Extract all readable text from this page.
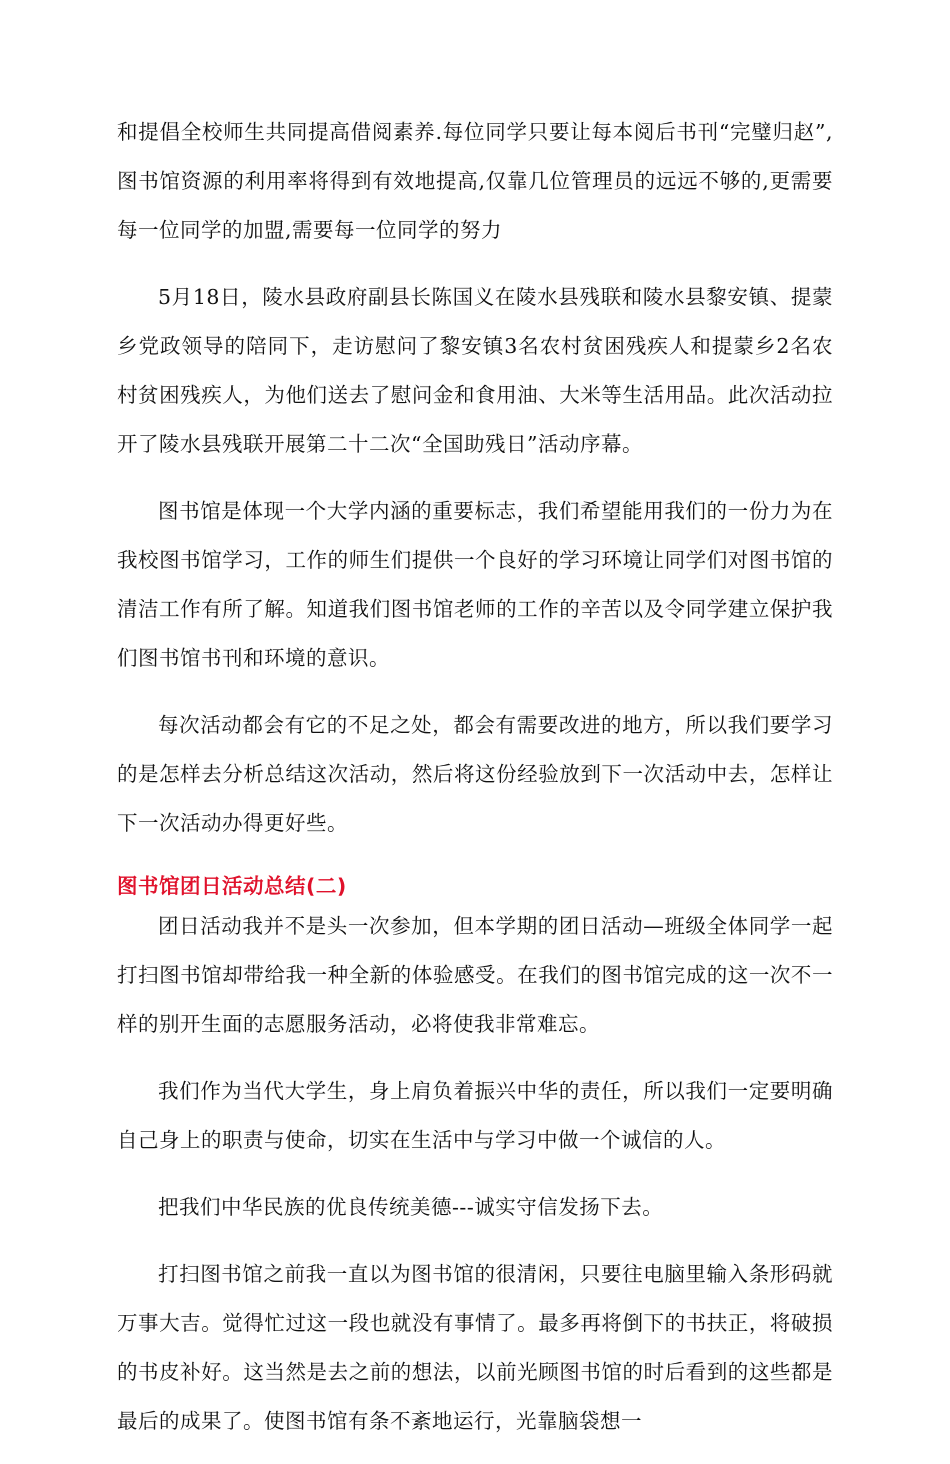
和提倡全校师生共同提高借阅素养.每位同学只要让每本阅后书刊“完璧归赵”,图书馆资源的利用率将得到有效地提高,仅靠几位管理员的远远不够的,更需要每一位同学的加盟,需要每一位同学的努力

5月18日，陵水县政府副县长陈国义在陵水县残联和陵水县黎安镇、提蒙乡党政领导的陪同下，走访慰问了黎安镇3名农村贫困残疾人和提蒙乡2名农村贫困残疾人，为他们送去了慰问金和食用油、大米等生活用品。此次活动拉开了陵水县残联开展第二十二次“全国助残日”活动序幕。

图书馆是体现一个大学内涵的重要标志，我们希望能用我们的一份力为在我校图书馆学习，工作的师生们提供一个良好的学习环境让同学们对图书馆的清洁工作有所了解。知道我们图书馆老师的工作的辛苦以及令同学建立保护我们图书馆书刊和环境的意识。

每次活动都会有它的不足之处，都会有需要改进的地方，所以我们要学习的是怎样去分析总结这次活动，然后将这份经验放到下一次活动中去，怎样让下一次活动办得更好些。

图书馆团日活动总结(二)

团日活动我并不是头一次参加，但本学期的团日活动—班级全体同学一起打扫图书馆却带给我一种全新的体验感受。在我们的图书馆完成的这一次不一样的别开生面的志愿服务活动，必将使我非常难忘。

我们作为当代大学生，身上肩负着振兴中华的责任，所以我们一定要明确自己身上的职责与使命，切实在生活中与学习中做一个诚信的人。

把我们中华民族的优良传统美德---诚实守信发扬下去。

打扫图书馆之前我一直以为图书馆的很清闲，只要往电脑里输入条形码就万事大吉。觉得忙过这一段也就没有事情了。最多再将倒下的书扶正，将破损的书皮补好。这当然是去之前的想法，以前光顾图书馆的时后看到的这些都是最后的成果了。使图书馆有条不紊地运行，光靠脑袋想一
